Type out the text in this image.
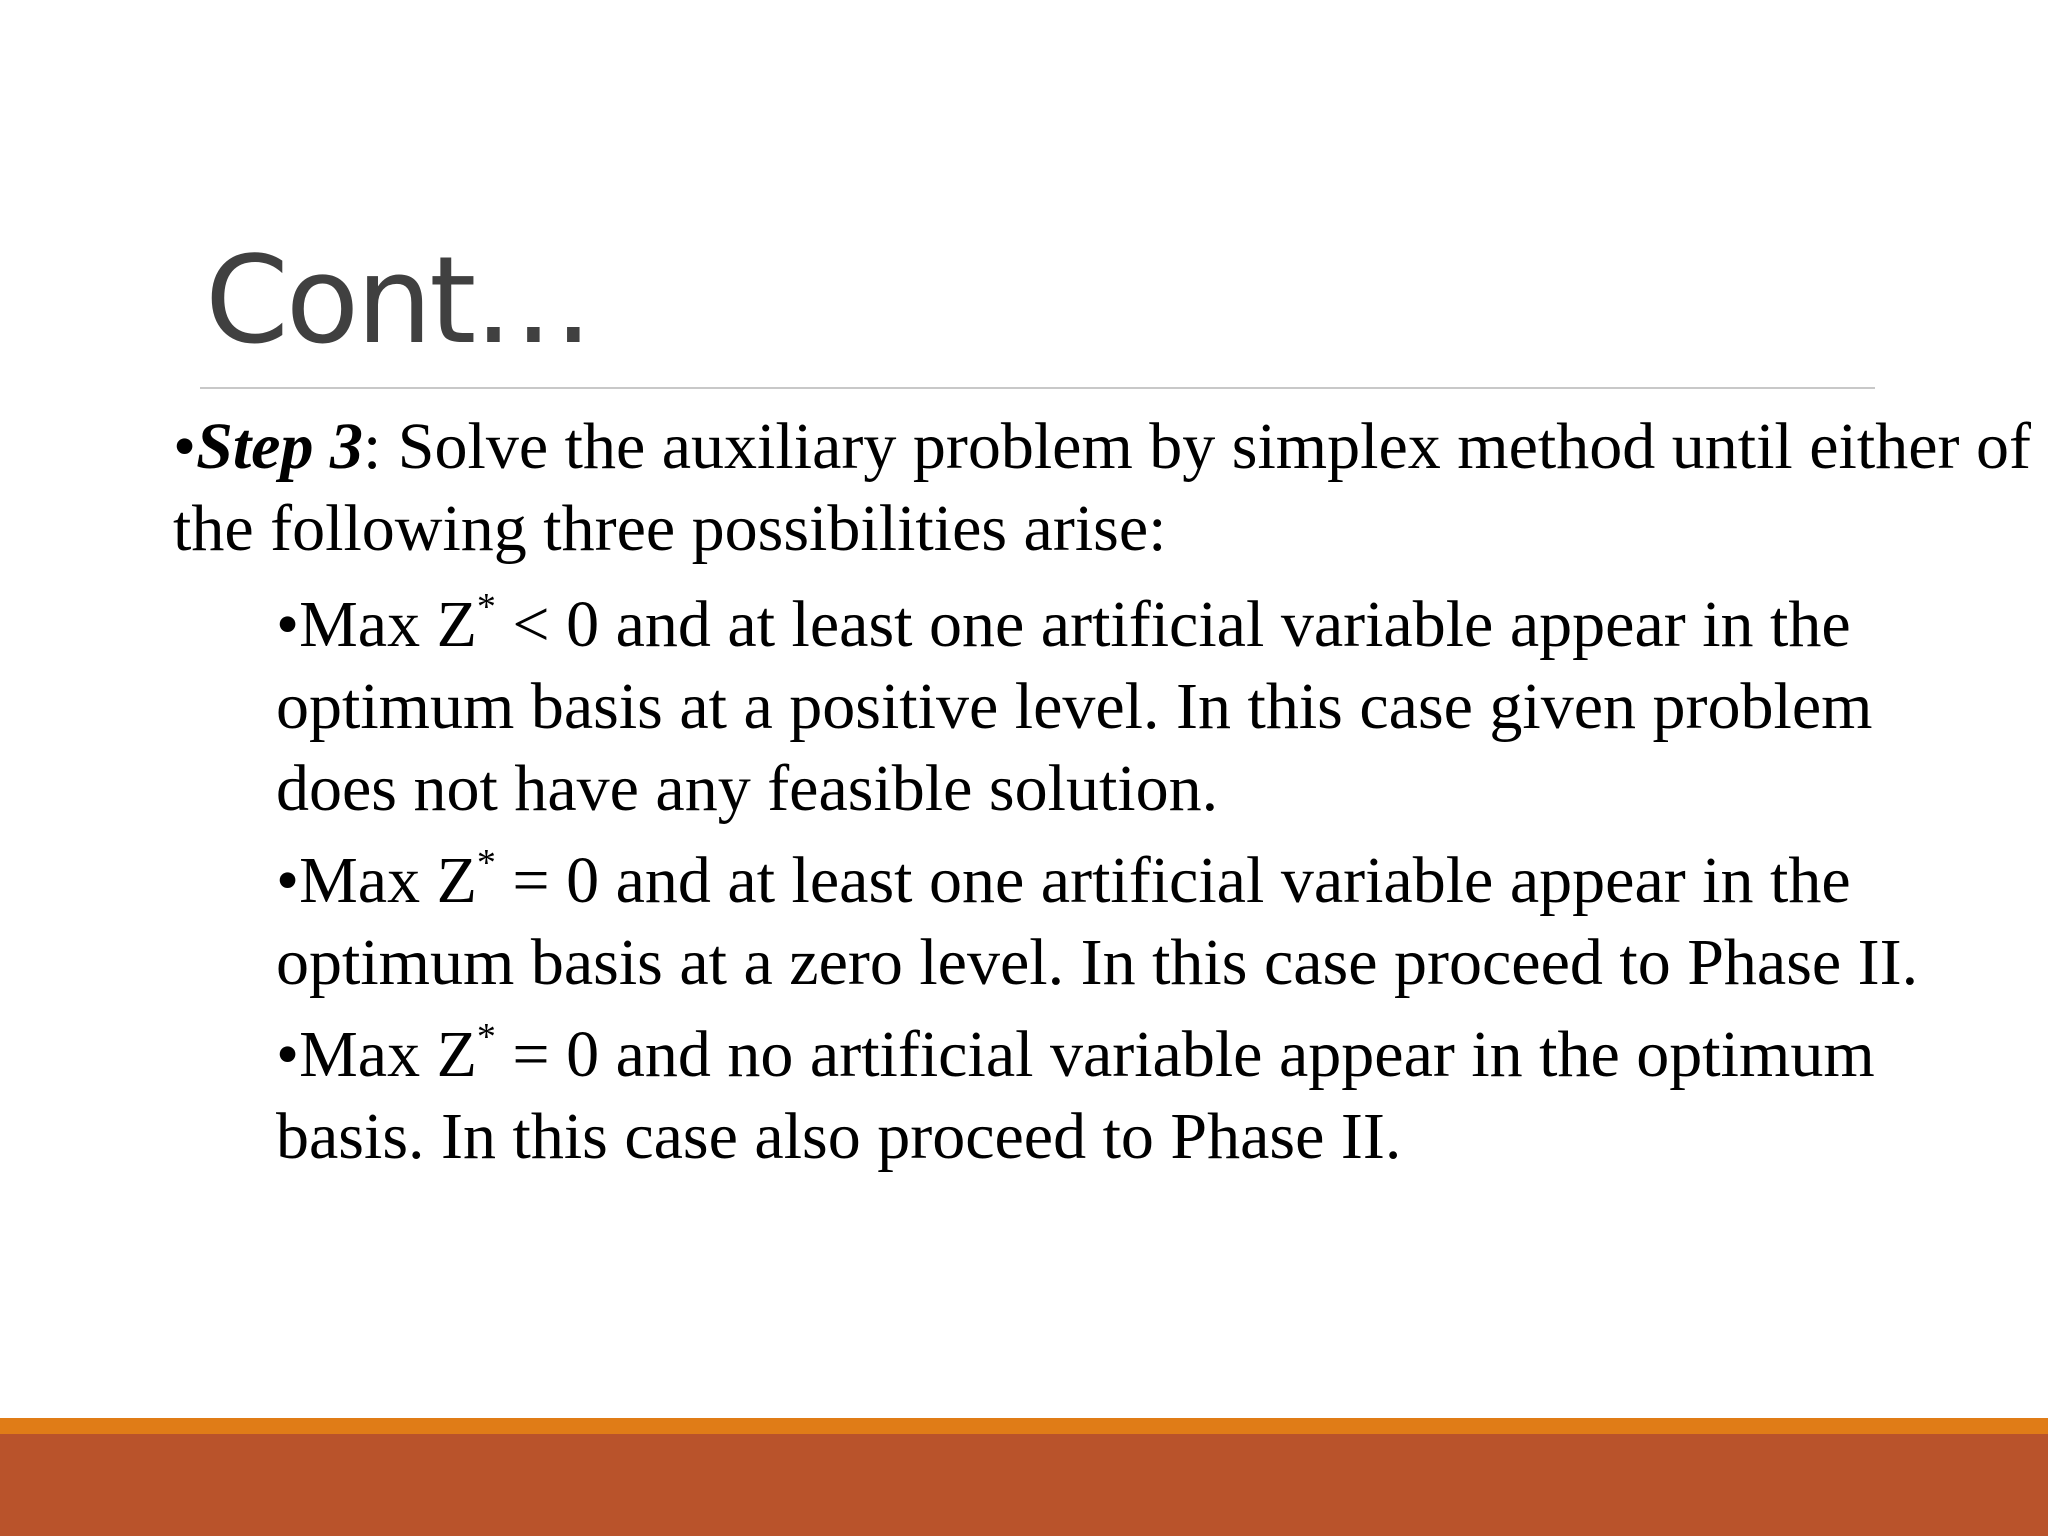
Cont…

•Step 3: Solve the auxiliary problem by simplex method until either of the following three possibilities arise:

•Max Z* < 0 and at least one artificial variable appear in the optimum basis at a positive level. In this case given problem does not have any feasible solution.
•Max Z* = 0 and at least one artificial variable appear in the optimum basis at a zero level. In this case proceed to Phase II.
•Max Z* = 0 and no artificial variable appear in the optimum basis. In this case also proceed to Phase II.
